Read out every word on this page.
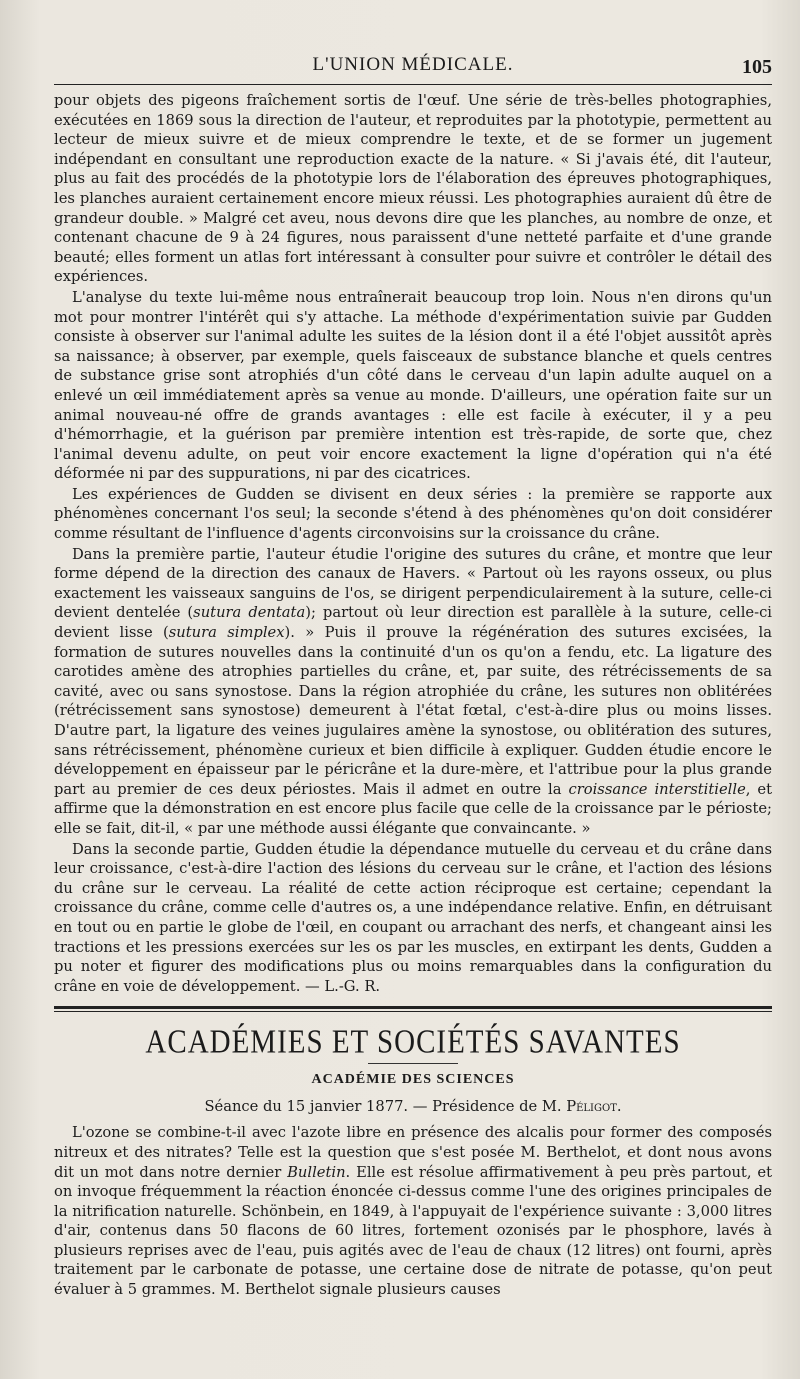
L'UNION MÉDICALE.	105

pour objets des pigeons fraîchement sortis de l'œuf. Une série de très-belles photographies, exécutées en 1869 sous la direction de l'auteur, et reproduites par la phototypie, permettent au lecteur de mieux suivre et de mieux comprendre le texte, et de se former un jugement indépendant en consultant une reproduction exacte de la nature. « Si j'avais été, dit l'auteur, plus au fait des procédés de la phototypie lors de l'élaboration des épreuves photographiques, les planches auraient certainement encore mieux réussi. Les photographies auraient dû être de grandeur double. » Malgré cet aveu, nous devons dire que les planches, au nombre de onze, et contenant chacune de 9 à 24 figures, nous paraissent d'une netteté parfaite et d'une grande beauté; elles forment un atlas fort intéressant à consulter pour suivre et contrôler le détail des expériences.

L'analyse du texte lui-même nous entraînerait beaucoup trop loin. Nous n'en dirons qu'un mot pour montrer l'intérêt qui s'y attache. La méthode d'expérimentation suivie par Gudden consiste à observer sur l'animal adulte les suites de la lésion dont il a été l'objet aussitôt après sa naissance; à observer, par exemple, quels faisceaux de substance blanche et quels centres de substance grise sont atrophiés d'un côté dans le cerveau d'un lapin adulte auquel on a enlevé un œil immédiatement après sa venue au monde. D'ailleurs, une opération faite sur un animal nouveau-né offre de grands avantages : elle est facile à exécuter, il y a peu d'hémorrhagie, et la guérison par première intention est très-rapide, de sorte que, chez l'animal devenu adulte, on peut voir encore exactement la ligne d'opération qui n'a été déformée ni par des suppurations, ni par des cicatrices.

Les expériences de Gudden se divisent en deux séries : la première se rapporte aux phénomènes concernant l'os seul; la seconde s'étend à des phénomènes qu'on doit considérer comme résultant de l'influence d'agents circonvoisins sur la croissance du crâne.

Dans la première partie, l'auteur étudie l'origine des sutures du crâne, et montre que leur forme dépend de la direction des canaux de Havers. « Partout où les rayons osseux, ou plus exactement les vaisseaux sanguins de l'os, se dirigent perpendiculairement à la suture, celle-ci devient dentelée (sutura dentata); partout où leur direction est parallèle à la suture, celle-ci devient lisse (sutura simplex). » Puis il prouve la régénération des sutures excisées, la formation de sutures nouvelles dans la continuité d'un os qu'on a fendu, etc. La ligature des carotides amène des atrophies partielles du crâne, et, par suite, des rétrécissements de sa cavité, avec ou sans synostose. Dans la région atrophiée du crâne, les sutures non oblitérées (rétrécissement sans synostose) demeurent à l'état fœtal, c'est-à-dire plus ou moins lisses. D'autre part, la ligature des veines jugulaires amène la synostose, ou oblitération des sutures, sans rétrécissement, phénomène curieux et bien difficile à expliquer. Gudden étudie encore le développement en épaisseur par le péricrâne et la dure-mère, et l'attribue pour la plus grande part au premier de ces deux périostes. Mais il admet en outre la croissance interstitielle, et affirme que la démonstration en est encore plus facile que celle de la croissance par le périoste; elle se fait, dit-il, « par une méthode aussi élégante que convaincante. »

Dans la seconde partie, Gudden étudie la dépendance mutuelle du cerveau et du crâne dans leur croissance, c'est-à-dire l'action des lésions du cerveau sur le crâne, et l'action des lésions du crâne sur le cerveau. La réalité de cette action réciproque est certaine; cependant la croissance du crâne, comme celle d'autres os, a une indépendance relative. Enfin, en détruisant en tout ou en partie le globe de l'œil, en coupant ou arrachant des nerfs, et changeant ainsi les tractions et les pressions exercées sur les os par les muscles, en extirpant les dents, Gudden a pu noter et figurer des modifications plus ou moins remarquables dans la configuration du crâne en voie de développement. — L.-G. R.

ACADÉMIES ET SOCIÉTÉS SAVANTES
ACADÉMIE DES SCIENCES
Séance du 15 janvier 1877. — Présidence de M. Péligot.

L'ozone se combine-t-il avec l'azote libre en présence des alcalis pour former des composés nitreux et des nitrates? Telle est la question que s'est posée M. Berthelot, et dont nous avons dit un mot dans notre dernier Bulletin. Elle est résolue affirmativement à peu près partout, et on invoque fréquemment la réaction énoncée ci-dessus comme l'une des origines principales de la nitrification naturelle. Schönbein, en 1849, à l'appuyait de l'expérience suivante : 3,000 litres d'air, contenus dans 50 flacons de 60 litres, fortement ozonisés par le phosphore, lavés à plusieurs reprises avec de l'eau, puis agités avec de l'eau de chaux (12 litres) ont fourni, après traitement par le carbonate de potasse, une certaine dose de nitrate de potasse, qu'on peut évaluer à 5 grammes. M. Berthelot signale plusieurs causes
